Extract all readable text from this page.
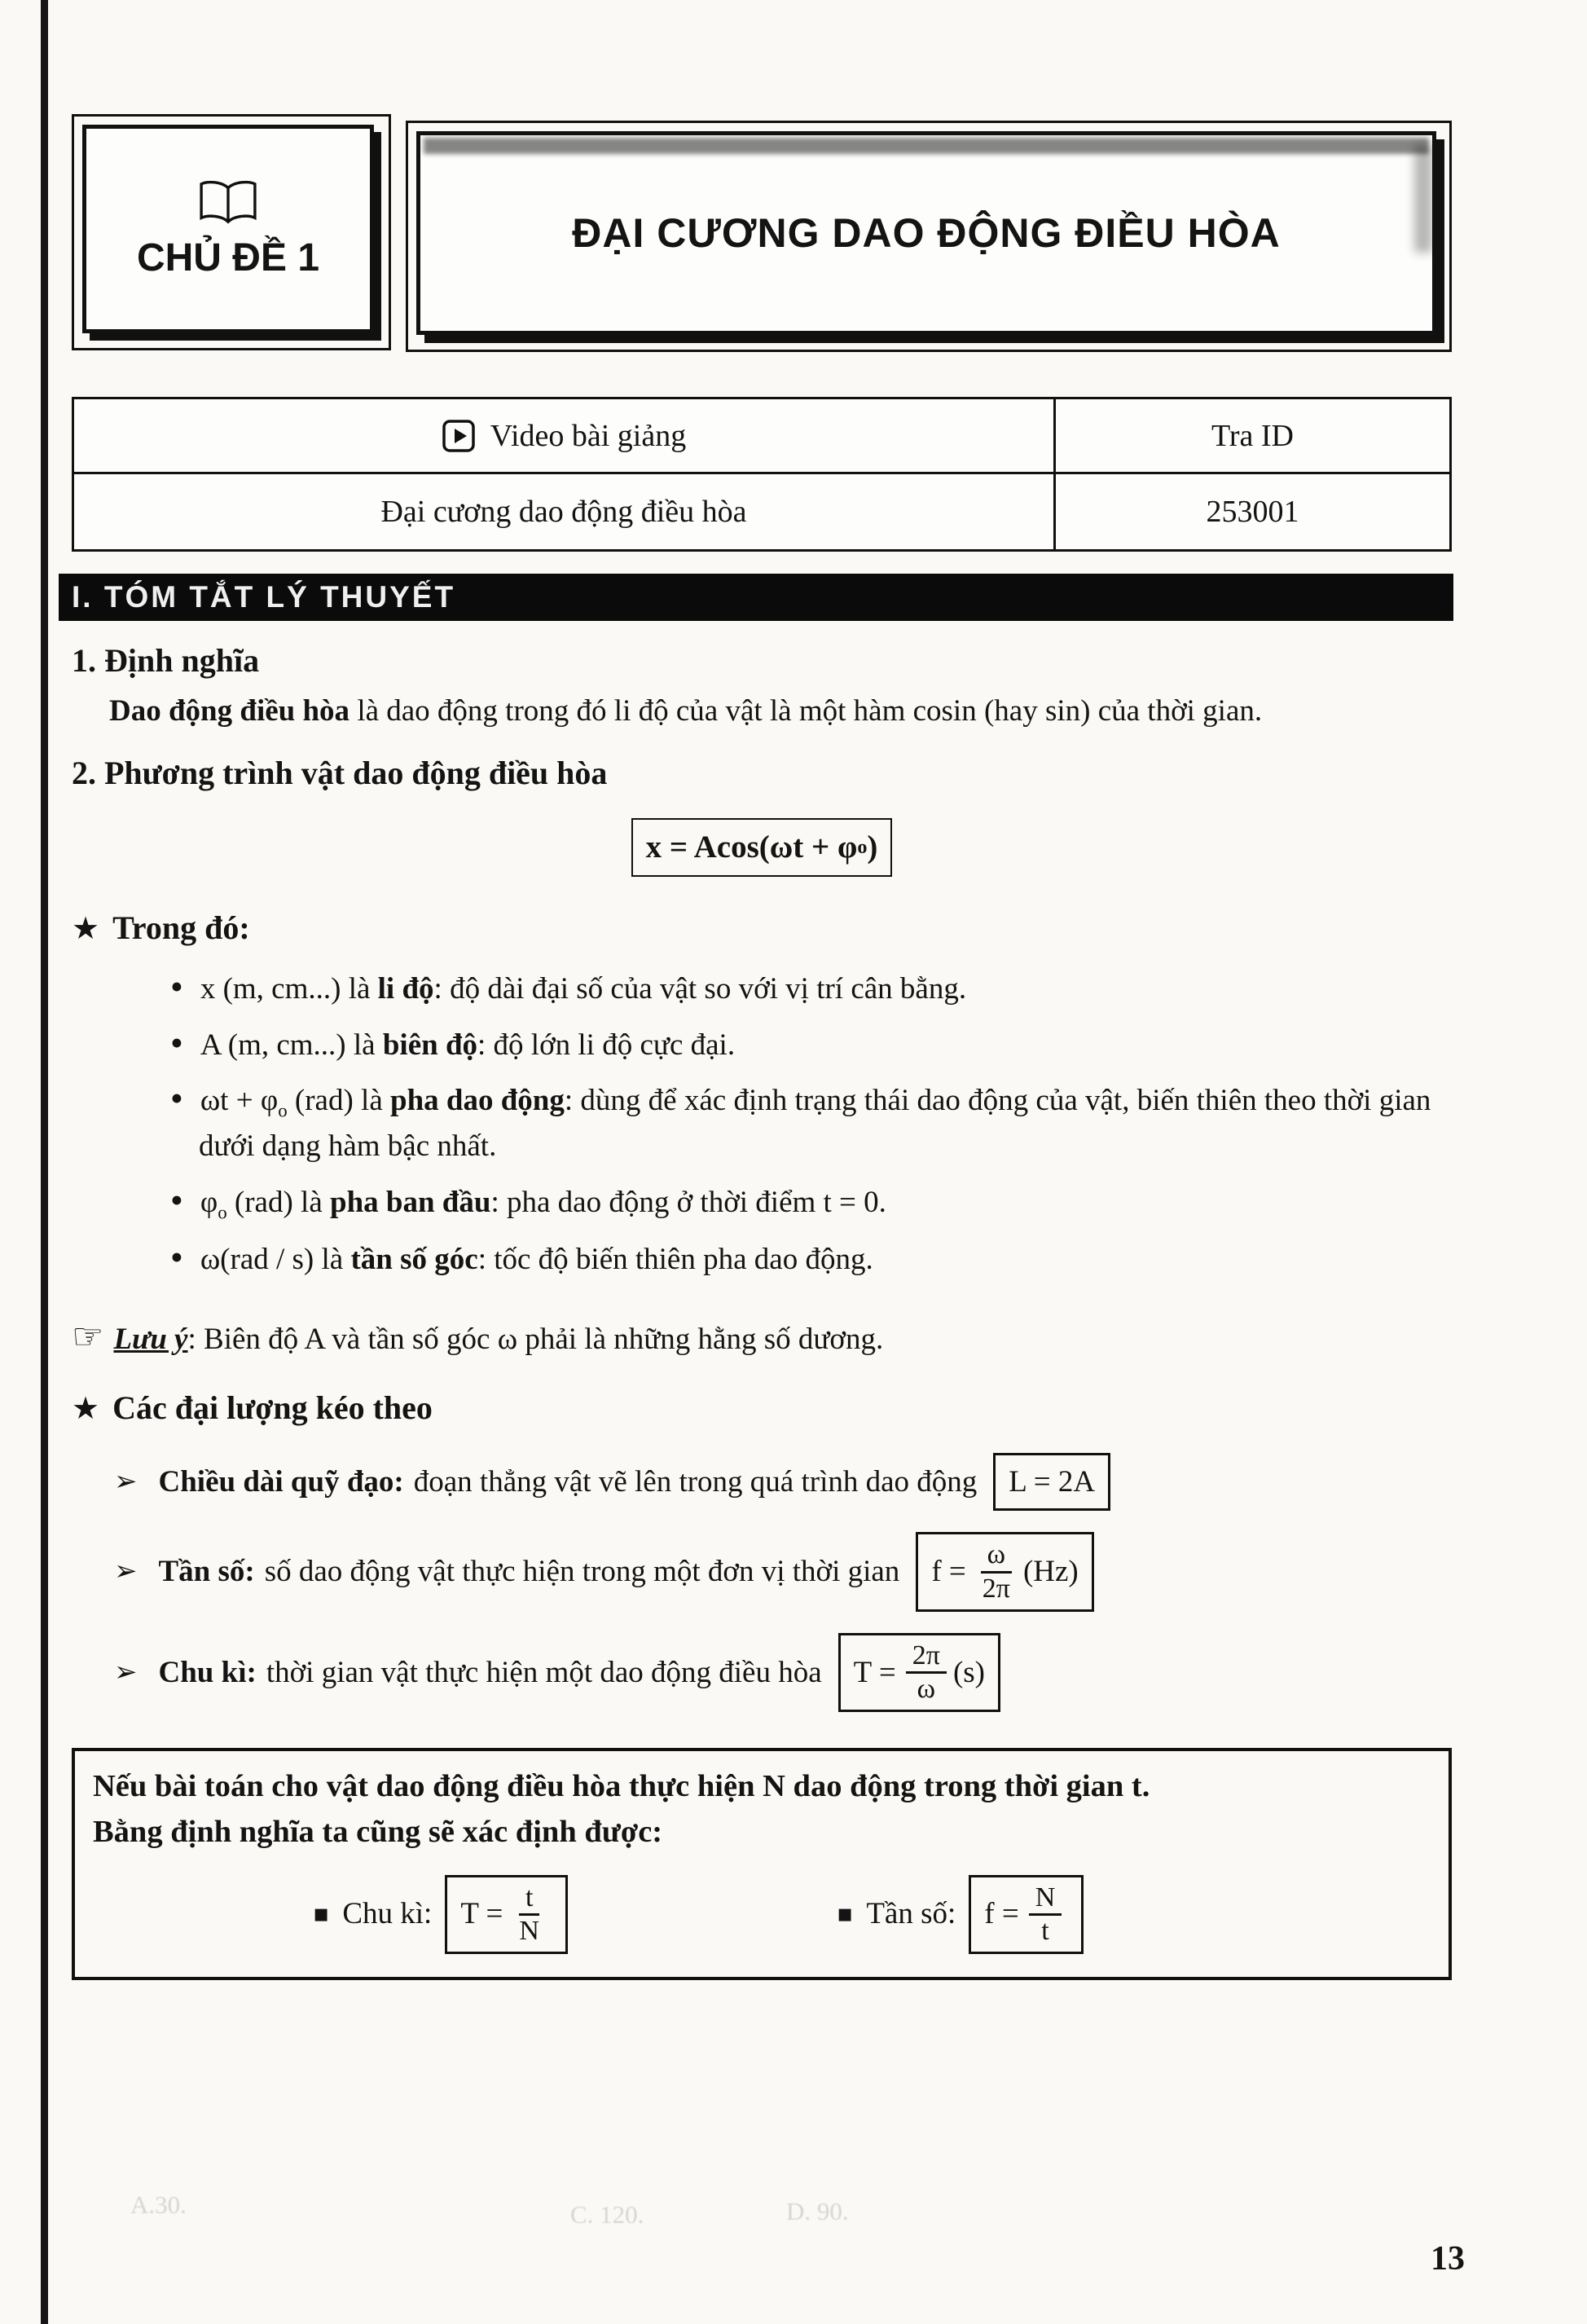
CHỦ ĐỀ 1
ĐẠI CƯƠNG DAO ĐỘNG ĐIỀU HÒA
Video bài giảng	Tra ID
Đại cương dao động điều hòa	253001
I. TÓM TẮT LÝ THUYẾT
1. Định nghĩa

Dao động điều hòa là dao động trong đó li độ của vật là một hàm cosin (hay sin) của thời gian.

2. Phương trình vật dao động điều hòa
x = Acos(ωt + φ o )
★ Trong đó:
• x (m, cm...) là li độ: độ dài đại số của vật so với vị trí cân bằng.
• A (m, cm...) là biên độ: độ lớn li độ cực đại.
• $\omega t + \varphi_o$ (rad) là pha dao động: dùng để xác định trạng thái dao động của vật, biến thiên theo thời gian dưới dạng hàm bậc nhất.
• $\varphi_o$ (rad) là pha ban đầu: pha dao động ở thời điểm t = 0.
• ω(rad / s) là tần số góc: tốc độ biến thiên pha dao động.
☞ Lưu ý: Biên độ A và tần số góc ω phải là những hằng số dương.
★ Các đại lượng kéo theo
➢ Chiều dài quỹ đạo: đoạn thẳng vật vẽ lên trong quá trình dao động L = 2A
➢ Tần số: số dao động vật thực hiện trong một đơn vị thời gian $f = \frac{\omega}{2\pi} (Hz)$
➢ Chu kì: thời gian vật thực hiện một dao động điều hòa $T = \frac{2\pi}{\omega} (s)$
Nếu bài toán cho vật dao động điều hòa thực hiện N dao động trong thời gian t.
Bằng định nghĩa ta cũng sẽ xác định được:
▪ Chu kì: $T = \frac{t}{N}$	▪ Tần số: $f = \frac{N}{t}$
A.30.	C. 120.	D. 90.
13
